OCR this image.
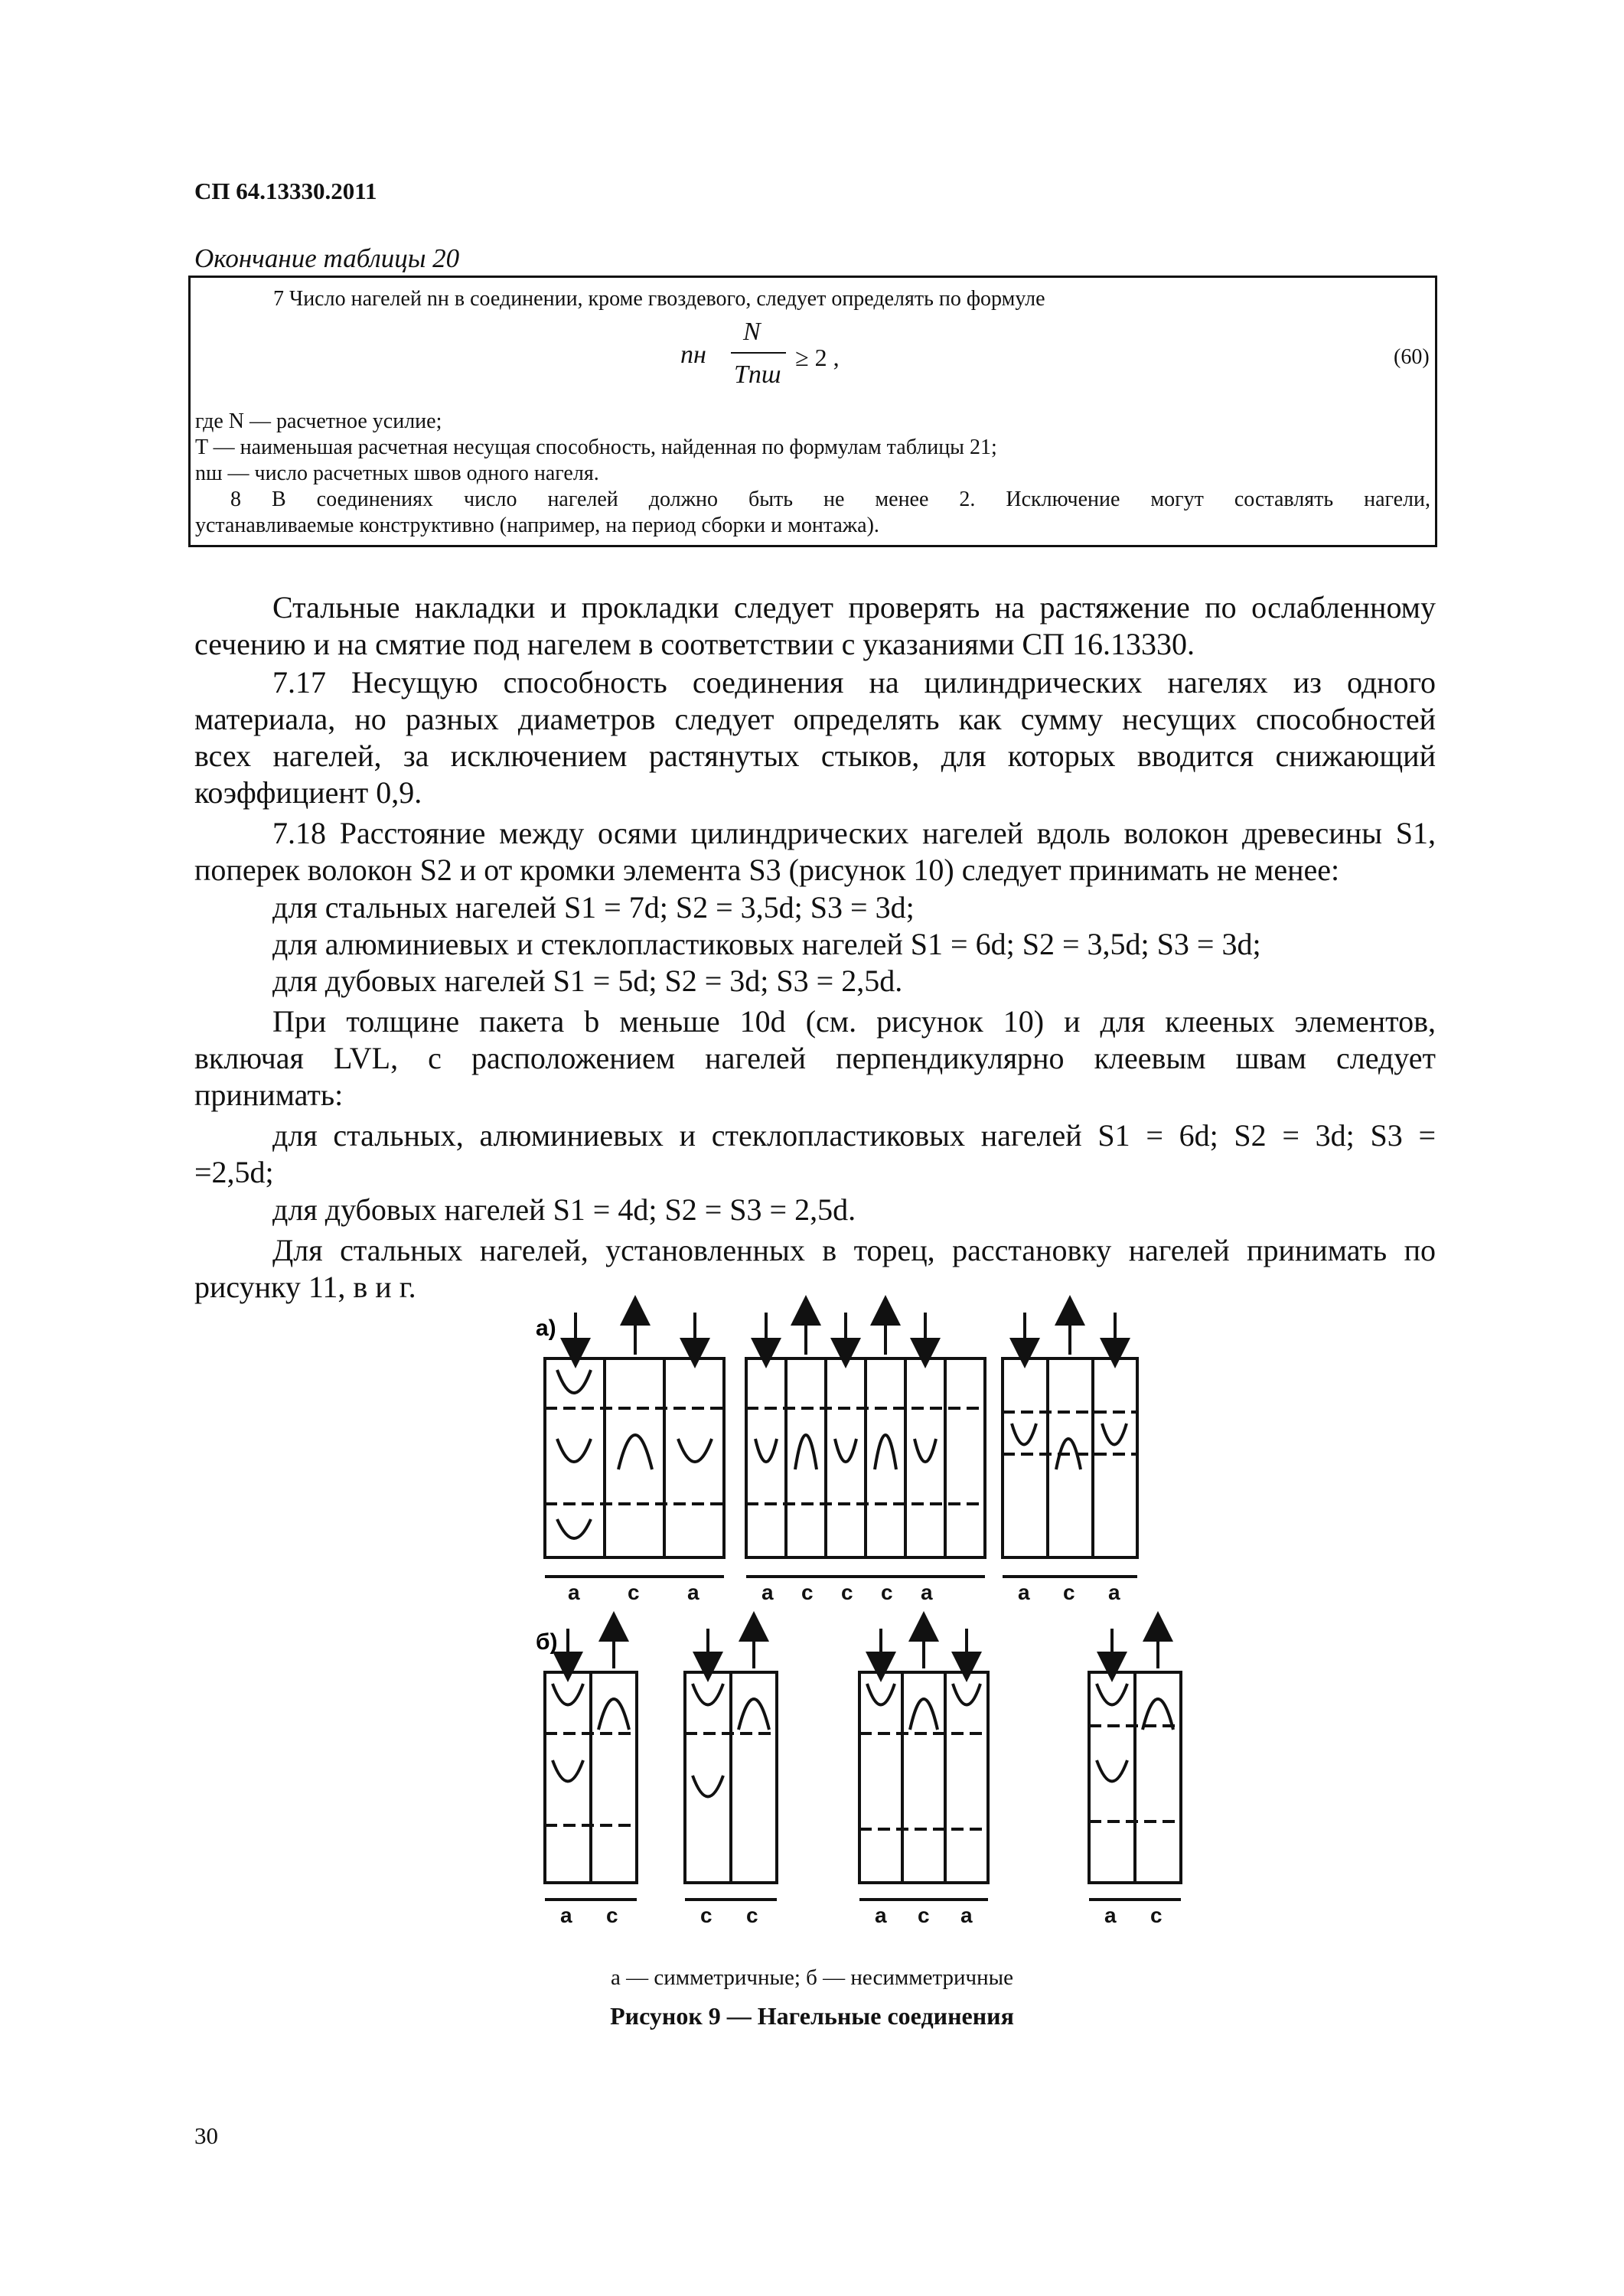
СП 64.13330.2011
Окончание таблицы 20
7 Число нагелей nн в соединении, кроме гвоздевого, следует определять по формуле
nн
N
Tnш
≥ 2 ,	(60)
где N — расчетное усилие;
T — наименьшая расчетная несущая способность, найденная по формулам таблицы 21;
nш — число расчетных швов одного нагеля.
8 В соединениях число нагелей должно быть не менее 2. Исключение могут составлять нагели,
устанавливаемые конструктивно (например, на период сборки и монтажа).
Стальные накладки и прокладки следует проверять на растяжение по ослабленному
сечению и на смятие под нагелем в соответствии с указаниями СП 16.13330.
7.17 Несущую способность соединения на цилиндрических нагелях из одного
материала, но разных диаметров следует определять как сумму несущих способностей
всех нагелей, за исключением растянутых стыков, для которых вводится снижающий
коэффициент 0,9.
7.18 Расстояние между осями цилиндрических нагелей вдоль волокон древесины S1,
поперек волокон S2 и от кромки элемента S3 (рисунок 10) следует принимать не менее:
для стальных нагелей S1 = 7d; S2 = 3,5d; S3 = 3d;
для алюминиевых и стеклопластиковых нагелей S1 = 6d; S2 = 3,5d; S3 = 3d;
для дубовых нагелей S1 = 5d; S2 = 3d; S3 = 2,5d.
При толщине пакета b меньше 10d (см. рисунок 10) и для клееных элементов,
включая LVL, с расположением нагелей перпендикулярно клеевым швам следует
принимать:
для стальных, алюминиевых и стеклопластиковых нагелей S1 = 6d; S2 = 3d; S3 =
=2,5d;
для дубовых нагелей S1 = 4d; S2 = S3 = 2,5d.
Для стальных нагелей, установленных в торец, расстановку нагелей принимать по
рисунку 11, в и г.
а)
б)
а с а	а с с с а	а с а
а с	с с	а с а	а с
а — симметричные; б — несимметричные
Рисунок 9 — Нагельные соединения
30
